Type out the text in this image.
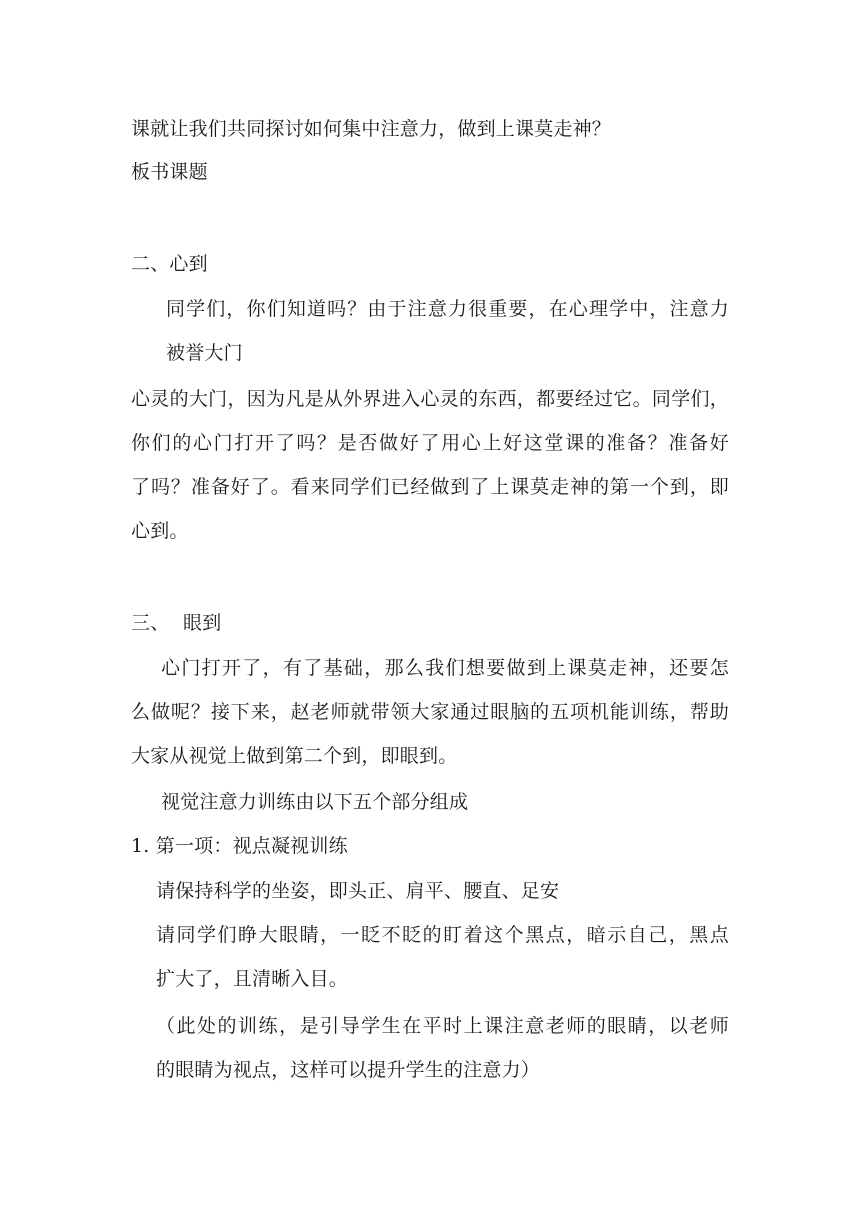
课就让我们共同探讨如何集中注意力，做到上课莫走神？
板书课题
二、心到
同学们，你们知道吗？由于注意力很重要，在心理学中，注意力
被誉大门
心灵的大门，因为凡是从外界进入心灵的东西，都要经过它。同学们，
你们的心门打开了吗？是否做好了用心上好这堂课的准备？准备好
了吗？准备好了。看来同学们已经做到了上课莫走神的第一个到，即
心到。
三、 眼到
心门打开了，有了基础，那么我们想要做到上课莫走神，还要怎
么做呢？接下来，赵老师就带领大家通过眼脑的五项机能训练，帮助
大家从视觉上做到第二个到，即眼到。
视觉注意力训练由以下五个部分组成
1. 第一项：视点凝视训练
请保持科学的坐姿，即头正、肩平、腰直、足安
请同学们睁大眼睛，一眨不眨的盯着这个黑点，暗示自己，黑点
扩大了，且清晰入目。
（此处的训练，是引导学生在平时上课注意老师的眼睛，以老师
的眼睛为视点，这样可以提升学生的注意力）
